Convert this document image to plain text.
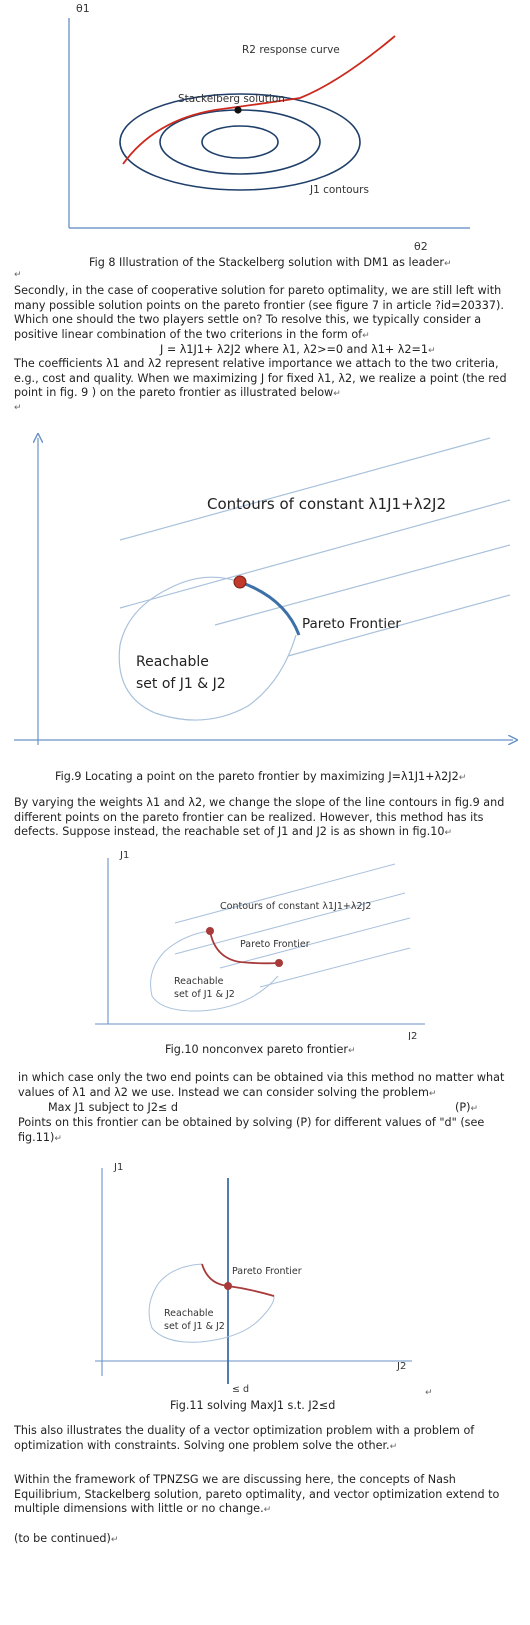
θ1
θ2
R2 response curve
Stackelberg solution
J1 contours
Fig 8 Illustration of the Stackelberg solution with DM1 as leader↵
↵
Secondly, in the case of cooperative solution for pareto optimality, we are still left with many possible solution points on the pareto frontier (see figure 7 in article ?id=20337). Which one should the two players settle on? To resolve this, we typically consider a positive linear combination of the two criterions in the form of↵
J = λ1J1+ λ2J2 where λ1, λ2>=0 and λ1+ λ2=1↵
The coefficients λ1 and λ2 represent relative importance we attach to the two criteria, e.g., cost and quality. When we maximizing J for fixed λ1, λ2, we realize a point (the red point in fig. 9 ) on the pareto frontier as illustrated below↵
↵
Contours of constant λ1J1+λ2J2
Pareto Frontier
Reachable
set of J1 & J2
Fig.9 Locating a point on the pareto frontier by maximizing J=λ1J1+λ2J2↵
By varying the weights λ1 and λ2, we change the slope of the line contours in fig.9 and different points on the pareto frontier can be realized. However, this method has its defects. Suppose instead, the reachable set of J1 and J2 is as shown in fig.10↵
J1
J2
Contours of constant λ1J1+λ2J2
Pareto Frontier
Reachable
set of J1 & J2
Fig.10 nonconvex pareto frontier↵
in which case only the two end points can be obtained via this method no matter what values of λ1 and λ2 we use. Instead we can consider solving the problem↵
Max J1 subject to J2≤ d	(P)↵
Points on this frontier can be obtained by solving (P) for different values of "d" (see fig.11)↵
J1
J2
Pareto Frontier
Reachable
set of J1 & J2
≤ d
Fig.11 solving MaxJ1 s.t. J2≤d
↵
This also illustrates the duality of a vector optimization problem with a problem of optimization with constraints. Solving one problem solve the other.↵
Within the framework of TPNZSG we are discussing here, the concepts of Nash Equilibrium, Stackelberg solution, pareto optimality, and vector optimization extend to multiple dimensions with little or no change.↵
(to be continued)↵
